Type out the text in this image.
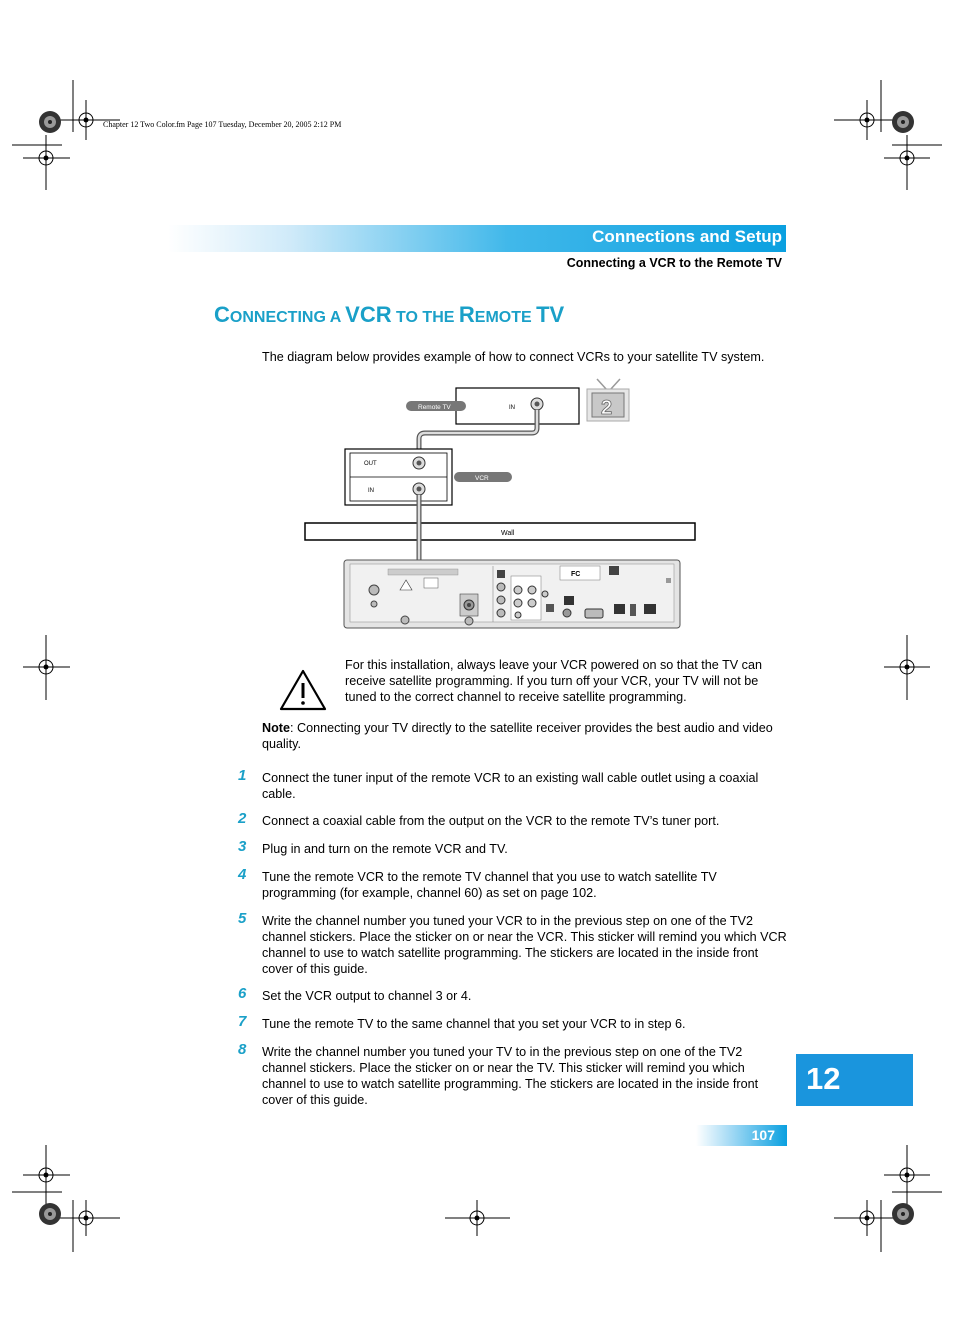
Chapter 12 Two Color.fm Page 107 Tuesday, December 20, 2005 2:12 PM
Connections and Setup
Connecting a VCR to the Remote TV
CONNECTING A VCR TO THE REMOTE TV
The diagram below provides example of how to connect VCRs to your satellite TV system.
IN
Remote TV	2
OUT
IN
VCR
Wall
FC
For this installation, always leave your VCR powered on so that the TV can receive satellite programming. If you turn off your VCR, your TV will not be tuned to the correct channel to receive satellite programming.
Note: Connecting your TV directly to the satellite receiver provides the best audio and video quality.
1 Connect the tuner input of the remote VCR to an existing wall cable outlet using a coaxial cable.
2 Connect a coaxial cable from the output on the VCR to the remote TV’s tuner port.
3 Plug in and turn on the remote VCR and TV.
4 Tune the remote VCR to the remote TV channel that you use to watch satellite TV programming (for example, channel 60) as set on page 102.
5 Write the channel number you tuned your VCR to in the previous step on one of the TV2 channel stickers. Place the sticker on or near the VCR. This sticker will remind you which VCR channel to use to watch satellite programming. The stickers are located in the inside front cover of this guide.
6 Set the VCR output to channel 3 or 4.
7 Tune the remote TV to the same channel that you set your VCR to in step 6.
8 Write the channel number you tuned your TV to in the previous step on one of the TV2 channel stickers. Place the sticker on or near the TV. This sticker will remind you which channel to use to watch satellite programming. The stickers are located in the inside front cover of this guide.
12
107
